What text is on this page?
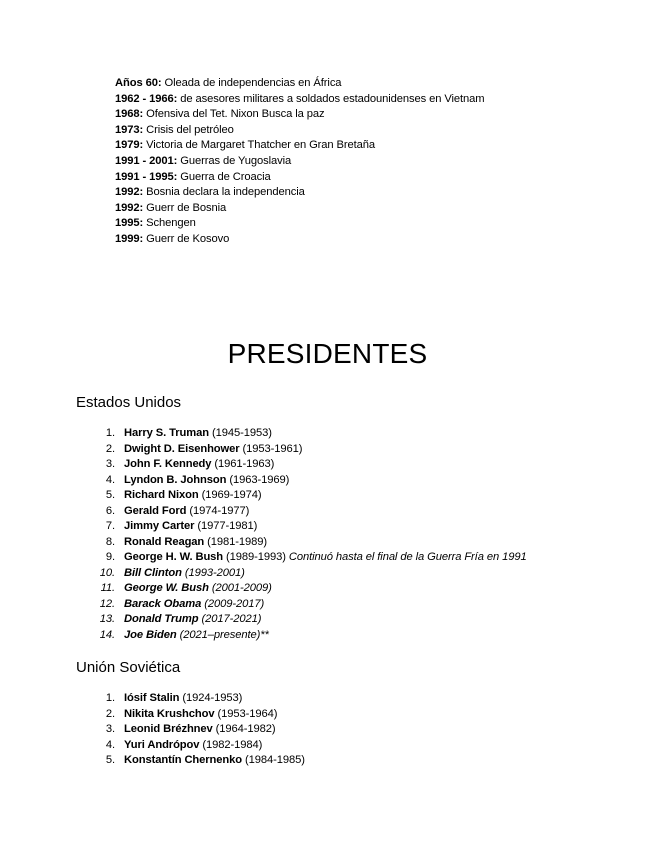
Años 60: Oleada de independencias en África
1962 - 1966: de asesores militares a soldados estadounidenses en Vietnam
1968: Ofensiva del Tet. Nixon Busca la paz
1973: Crisis del petróleo
1979: Victoria de Margaret Thatcher en Gran Bretaña
1991 - 2001: Guerras de Yugoslavia
1991 - 1995: Guerra de Croacia
1992: Bosnia declara la independencia
1992: Guerr de Bosnia
1995: Schengen
1999: Guerr de Kosovo
PRESIDENTES
Estados Unidos
1. Harry S. Truman (1945-1953)
2. Dwight D. Eisenhower (1953-1961)
3. John F. Kennedy (1961-1963)
4. Lyndon B. Johnson (1963-1969)
5. Richard Nixon (1969-1974)
6. Gerald Ford (1974-1977)
7. Jimmy Carter (1977-1981)
8. Ronald Reagan (1981-1989)
9. George H. W. Bush (1989-1993) Continuó hasta el final de la Guerra Fría en 1991
10. Bill Clinton (1993-2001)
11. George W. Bush (2001-2009)
12. Barack Obama (2009-2017)
13. Donald Trump (2017-2021)
14. Joe Biden (2021–presente)**
Unión Soviética
1. Iósif Stalin (1924-1953)
2. Nikita Krushchov (1953-1964)
3. Leonid Brézhnev (1964-1982)
4. Yuri Andrópov (1982-1984)
5. Konstantín Chernenko (1984-1985)
